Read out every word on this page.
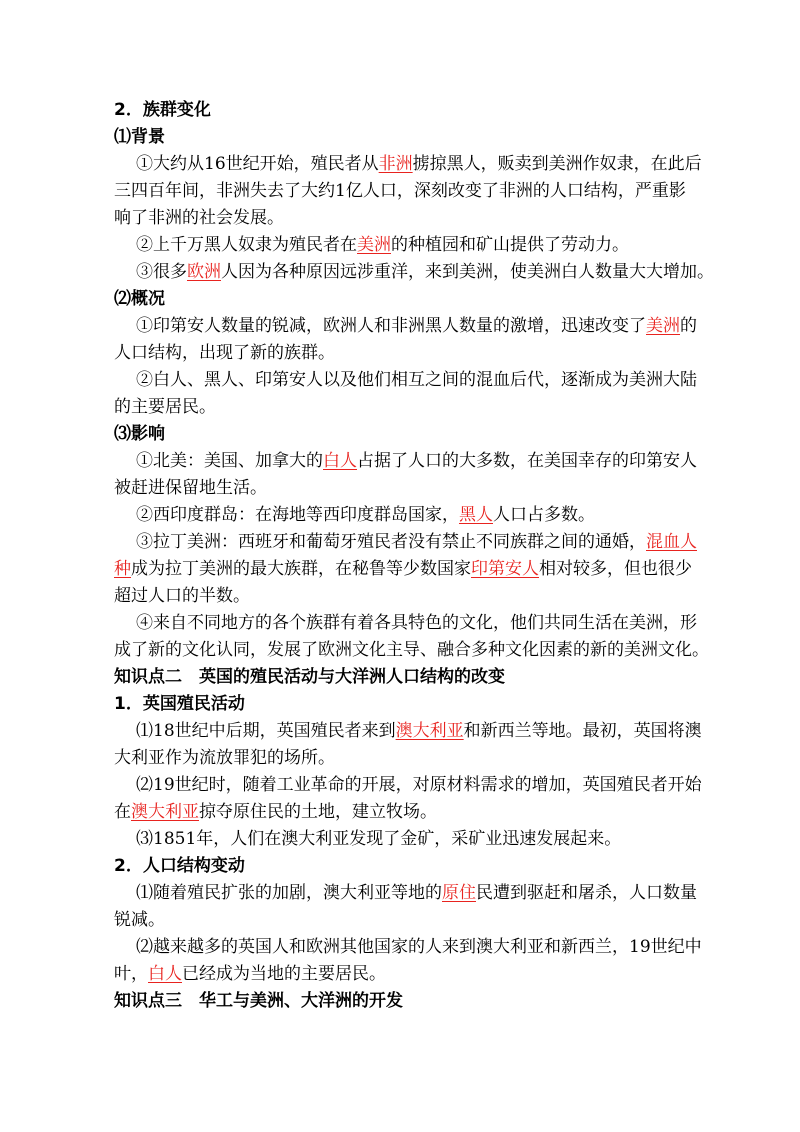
2．族群变化
⑴背景
①大约从16世纪开始，殖民者从非洲掳掠黑人，贩卖到美洲作奴隶，在此后
三四百年间，非洲失去了大约1亿人口，深刻改变了非洲的人口结构，严重影
响了非洲的社会发展。
②上千万黑人奴隶为殖民者在美洲的种植园和矿山提供了劳动力。
③很多欧洲人因为各种原因远涉重洋，来到美洲，使美洲白人数量大大增加。
⑵概况
①印第安人数量的锐减，欧洲人和非洲黑人数量的激增，迅速改变了美洲的
人口结构，出现了新的族群。
②白人、黑人、印第安人以及他们相互之间的混血后代，逐渐成为美洲大陆
的主要居民。
⑶影响
①北美：美国、加拿大的白人占据了人口的大多数，在美国幸存的印第安人
被赶进保留地生活。
②西印度群岛：在海地等西印度群岛国家，黑人人口占多数。
③拉丁美洲：西班牙和葡萄牙殖民者没有禁止不同族群之间的通婚，混血人
种成为拉丁美洲的最大族群，在秘鲁等少数国家印第安人相对较多，但也很少
超过人口的半数。
④来自不同地方的各个族群有着各具特色的文化，他们共同生活在美洲，形
成了新的文化认同，发展了欧洲文化主导、融合多种文化因素的新的美洲文化。
知识点二　英国的殖民活动与大洋洲人口结构的改变
1．英国殖民活动
⑴18世纪中后期，英国殖民者来到澳大利亚和新西兰等地。最初，英国将澳
大利亚作为流放罪犯的场所。
⑵19世纪时，随着工业革命的开展，对原材料需求的增加，英国殖民者开始
在澳大利亚掠夺原住民的土地，建立牧场。
⑶1851年，人们在澳大利亚发现了金矿，采矿业迅速发展起来。
2．人口结构变动
⑴随着殖民扩张的加剧，澳大利亚等地的原住民遭到驱赶和屠杀，人口数量
锐减。
⑵越来越多的英国人和欧洲其他国家的人来到澳大利亚和新西兰，19世纪中
叶，白人已经成为当地的主要居民。
知识点三　华工与美洲、大洋洲的开发
